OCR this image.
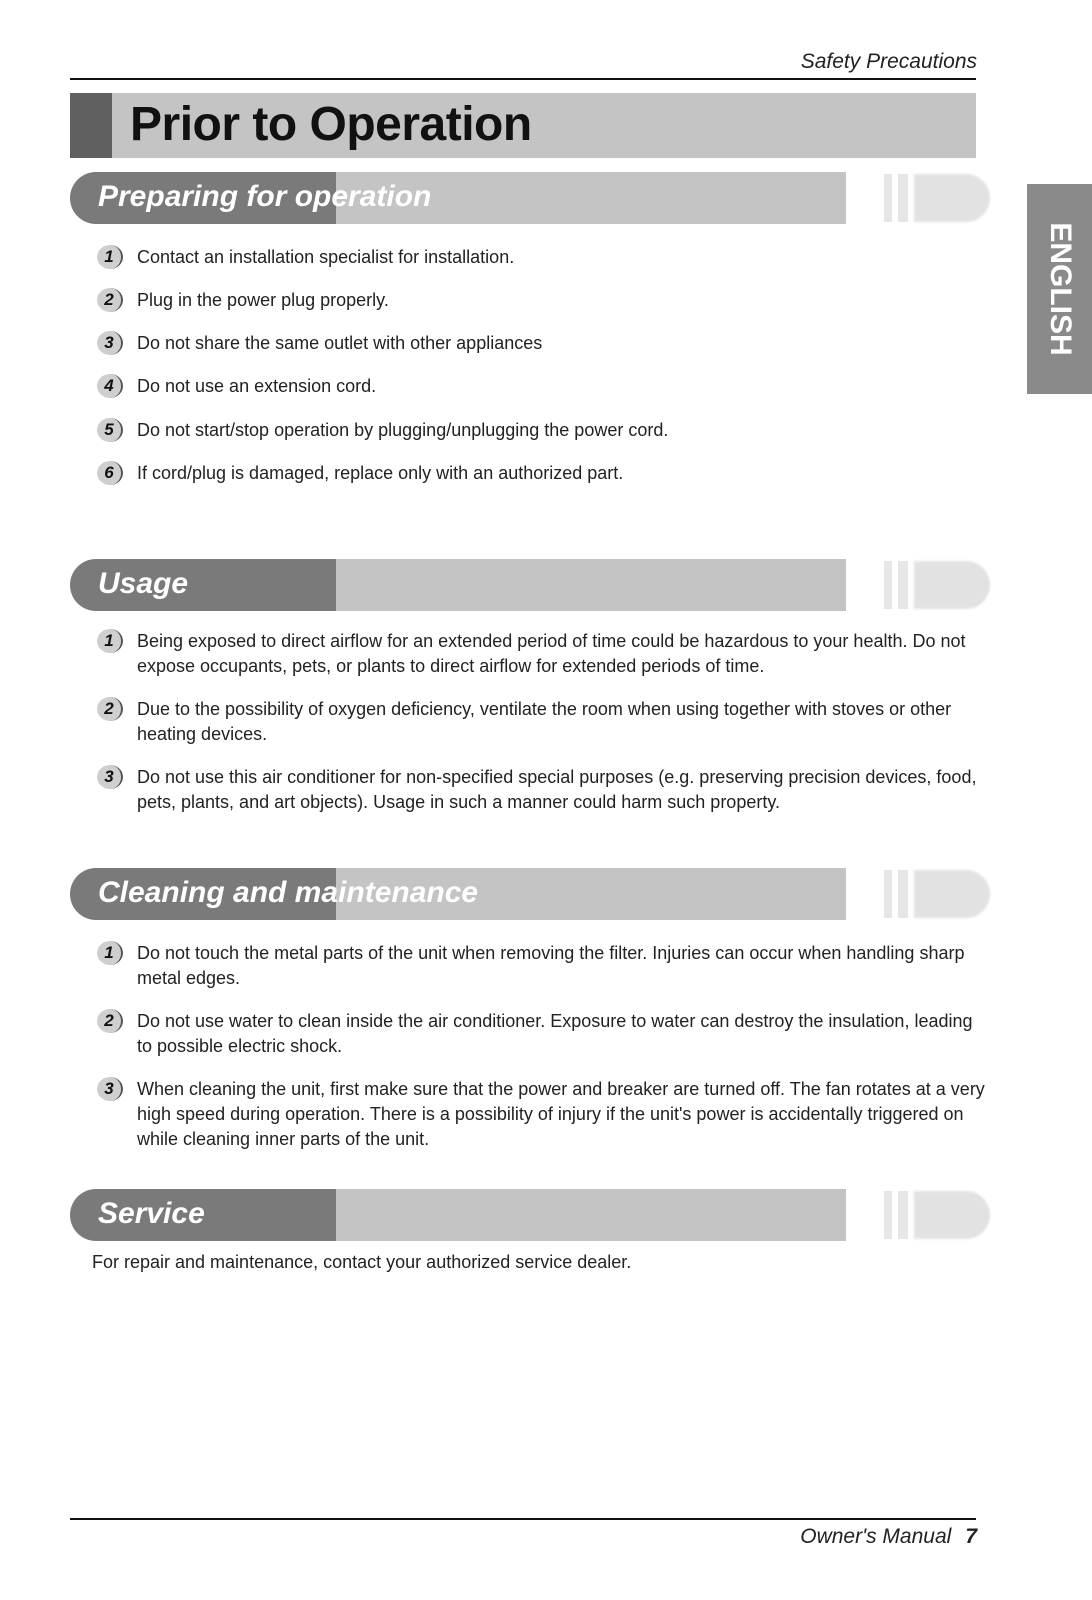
Safety Precautions
Prior to Operation
ENGLISH
Preparing for operation
1	Contact an installation specialist for installation.
2	Plug in the power plug properly.
3	Do not share the same outlet with other appliances
4	Do not use an extension cord.
5	Do not start/stop operation by plugging/unplugging the power cord.
6	If cord/plug is damaged, replace only with an authorized part.
Usage
1	Being exposed to direct airflow for an extended period of time could be hazardous to your health. Do not expose occupants, pets, or plants to direct airflow for extended periods of time.
2	Due to the possibility of oxygen deficiency, ventilate the room when using together with stoves or other heating devices.
3	Do not use this air conditioner for non-specified special purposes (e.g. preserving precision devices, food, pets, plants, and art objects). Usage in such a manner could harm such property.
Cleaning and maintenance
1	Do not touch the metal parts of the unit when removing the filter. Injuries can occur when handling sharp metal edges.
2	Do not use water to clean inside the air conditioner. Exposure to water can destroy the insulation, leading to possible electric shock.
3	When cleaning the unit, first make sure that the power and breaker are turned off. The fan rotates at a very high speed during operation. There is a possibility of injury if the unit's power is accidentally triggered on while cleaning inner parts of the unit.
Service
For repair and maintenance, contact your authorized service dealer.
Owner's Manual 7
